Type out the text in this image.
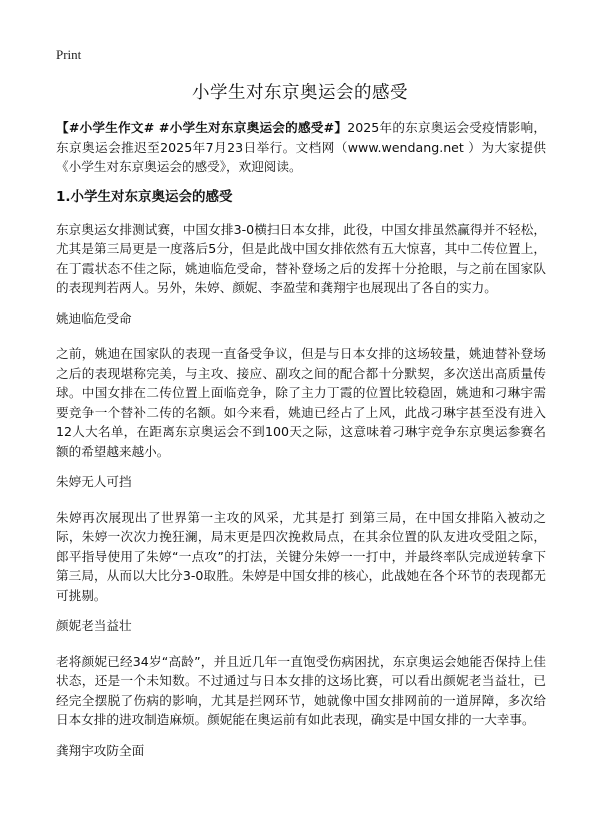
Print
小学生对东京奥运会的感受

【#小学生作文# #小学生对东京奥运会的感受#】2025年的东京奥运会受疫情影响，东京奥运会推迟至2025年7月23日举行。文档网（www.wendang.net ）为大家提供《小学生对东京奥运会的感受》，欢迎阅读。

1.小学生对东京奥运会的感受

东京奥运女排测试赛，中国女排3-0横扫日本女排，此役，中国女排虽然赢得并不轻松，尤其是第三局更是一度落后5分，但是此战中国女排依然有五大惊喜，其中二传位置上，在丁霞状态不佳之际，姚迪临危受命，替补登场之后的发挥十分抢眼，与之前在国家队的表现判若两人。另外，朱婷、颜妮、李盈莹和龚翔宇也展现出了各自的实力。

姚迪临危受命

之前，姚迪在国家队的表现一直备受争议，但是与日本女排的这场较量，姚迪替补登场之后的表现堪称完美，与主攻、接应、副攻之间的配合都十分默契，多次送出高质量传球。中国女排在二传位置上面临竞争，除了主力丁霞的位置比较稳固，姚迪和刁琳宇需要竞争一个替补二传的名额。如今来看，姚迪已经占了上风，此战刁琳宇甚至没有进入12人大名单，在距离东京奥运会不到100天之际，这意味着刁琳宇竞争东京奥运参赛名额的希望越来越小。

朱婷无人可挡

朱婷再次展现出了世界第一主攻的风采，尤其是打 到第三局，在中国女排陷入被动之际，朱婷一次次力挽狂澜，局末更是四次挽救局点，在其余位置的队友进攻受阻之际，郎平指导使用了朱婷“一点攻”的打法，关键分朱婷一一打中，并最终率队完成逆转拿下第三局，从而以大比分3-0取胜。朱婷是中国女排的核心，此战她在各个环节的表现都无可挑剔。

颜妮老当益壮

老将颜妮已经34岁“高龄”，并且近几年一直饱受伤病困扰，东京奥运会她能否保持上佳状态，还是一个未知数。不过通过与日本女排的这场比赛，可以看出颜妮老当益壮，已经完全摆脱了伤病的影响，尤其是拦网环节，她就像中国女排网前的一道屏障，多次给日本女排的进攻制造麻烦。颜妮能在奥运前有如此表现，确实是中国女排的一大幸事。

龚翔宇攻防全面
